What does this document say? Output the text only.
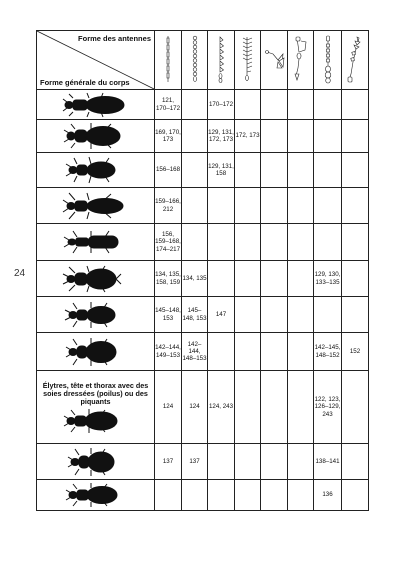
24
Forme des antennes
Forme générale du corps

	121, 170–172		170–172					

	169, 170, 173		129, 131, 172, 173	172, 173				

	156–168		129, 131, 158					

	159–166, 212							

	156, 159–168, 174–217							

	134, 135, 158, 159	134, 135					129, 130, 133–135	

	145–148, 153	145–148, 153	147					

	142–144, 149–153	142–144, 148–153					142–145, 148–152	152

Élytres, tête et thorax avec des soies dressées (poilus) ou des piquants	124	124	124, 243				122, 123, 126–129, 243	

	137	137					138–141	

							136	
